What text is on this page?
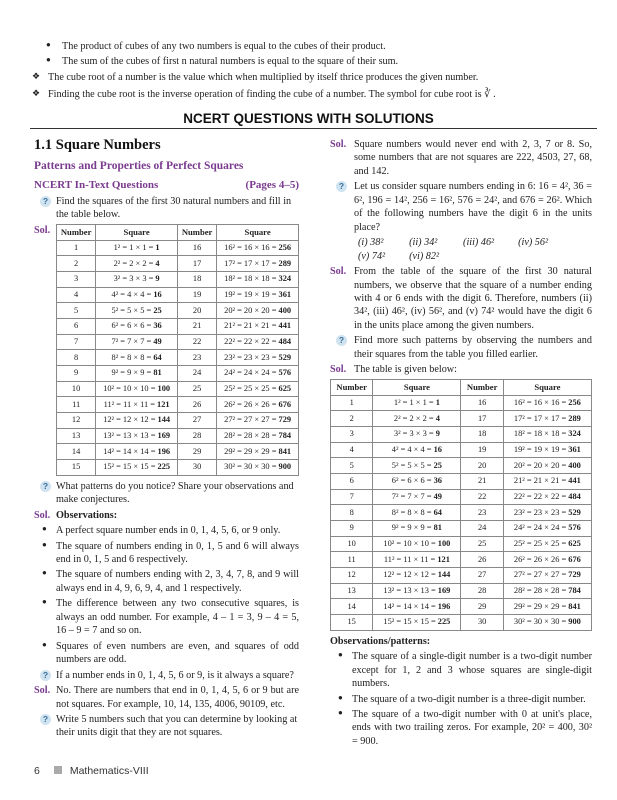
● The product of cubes of any two numbers is equal to the cubes of their product.
● The sum of the cubes of first n natural numbers is equal to the square of their sum.
❖ The cube root of a number is the value which when multiplied by itself thrice produces the given number.
❖ Finding the cube root is the inverse operation of finding the cube of a number. The symbol for cube root is ∛ .
NCERT QUESTIONS WITH SOLUTIONS
1.1 Square Numbers
Patterns and Properties of Perfect Squares
NCERT In-Text Questions	(Pages 4–5)
? Find the squares of the first 30 natural numbers and fill in the table below.
Sol. Number	Square	Number	Square
1	1² = 1 × 1 = 1	16	16² = 16 × 16 = 256
2	2² = 2 × 2 = 4	17	17² = 17 × 17 = 289
3	3² = 3 × 3 = 9	18	18² = 18 × 18 = 324
4	4² = 4 × 4 = 16	19	19² = 19 × 19 = 361
5	5² = 5 × 5 = 25	20	20² = 20 × 20 = 400
6	6² = 6 × 6 = 36	21	21² = 21 × 21 = 441
7	7² = 7 × 7 = 49	22	22² = 22 × 22 = 484
8	8² = 8 × 8 = 64	23	23² = 23 × 23 = 529
9	9² = 9 × 9 = 81	24	24² = 24 × 24 = 576
10	10² = 10 × 10 = 100	25	25² = 25 × 25 = 625
11	11² = 11 × 11 = 121	26	26² = 26 × 26 = 676
12	12² = 12 × 12 = 144	27	27² = 27 × 27 = 729
13	13² = 13 × 13 = 169	28	28² = 28 × 28 = 784
14	14² = 14 × 14 = 196	29	29² = 29 × 29 = 841
15	15² = 15 × 15 = 225	30	30² = 30 × 30 = 900
? What patterns do you notice? Share your observations and make conjectures.
Sol. Observations:
● A perfect square number ends in 0, 1, 4, 5, 6, or 9 only.
● The square of numbers ending in 0, 1, 5 and 6 will always end in 0, 1, 5 and 6 respectively.
● The square of numbers ending with 2, 3, 4, 7, 8, and 9 will always end in 4, 9, 6, 9, 4, and 1 respectively.
● The difference between any two consecutive squares, is always an odd number. For example, 4 – 1 = 3, 9 – 4 = 5, 16 – 9 = 7 and so on.
● Squares of even numbers are even, and squares of odd numbers are odd.
? If a number ends in 0, 1, 4, 5, 6 or 9, is it always a square?
Sol. No. There are numbers that end in 0, 1, 4, 5, 6 or 9 but are not squares. For example, 10, 14, 135, 4006, 90109, etc.
? Write 5 numbers such that you can determine by looking at their units digit that they are not squares.
Sol. Square numbers would never end with 2, 3, 7 or 8. So, some numbers that are not squares are 222, 4503, 27, 68, and 142.
? Let us consider square numbers ending in 6: 16 = 4², 36 = 6², 196 = 14², 256 = 16², 576 = 24², and 676 = 26². Which of the following numbers have the digit 6 in the units place?
(i) 38²	(ii) 34²	(iii) 46² (iv) 56²
(v) 74² (vi) 82²
Sol. From the table of the square of the first 30 natural numbers, we observe that the square of a number ending with 4 or 6 ends with the digit 6. Therefore, numbers (ii) 34², (iii) 46², (iv) 56², and (v) 74² would have the digit 6 in the units place among the given numbers.
? Find more such patterns by observing the numbers and their squares from the table you filled earlier.
Sol. The table is given below:
Number	Square	Number	Square
1	1² = 1 × 1 = 1	16	16² = 16 × 16 = 256
2	2² = 2 × 2 = 4	17	17² = 17 × 17 = 289
3	3² = 3 × 3 = 9	18	18² = 18 × 18 = 324
4	4² = 4 × 4 = 16	19	19² = 19 × 19 = 361
5	5² = 5 × 5 = 25	20	20² = 20 × 20 = 400
6	6² = 6 × 6 = 36	21	21² = 21 × 21 = 441
7	7² = 7 × 7 = 49	22	22² = 22 × 22 = 484
8	8² = 8 × 8 = 64	23	23² = 23 × 23 = 529
9	9² = 9 × 9 = 81	24	24² = 24 × 24 = 576
10	10² = 10 × 10 = 100	25	25² = 25 × 25 = 625
11	11² = 11 × 11 = 121	26	26² = 26 × 26 = 676
12	12² = 12 × 12 = 144	27	27² = 27 × 27 = 729
13	13² = 13 × 13 = 169	28	28² = 28 × 28 = 784
14	14² = 14 × 14 = 196	29	29² = 29 × 29 = 841
15	15² = 15 × 15 = 225	30	30² = 30 × 30 = 900
Observations/patterns:
● The square of a single-digit number is a two-digit number except for 1, 2 and 3 whose squares are single-digit numbers.
● The square of a two-digit number is a three-digit number.
● The square of a two-digit number with 0 at unit's place, ends with two trailing zeros. For example, 20² = 400, 30² = 900.
6	Mathematics-VIII
